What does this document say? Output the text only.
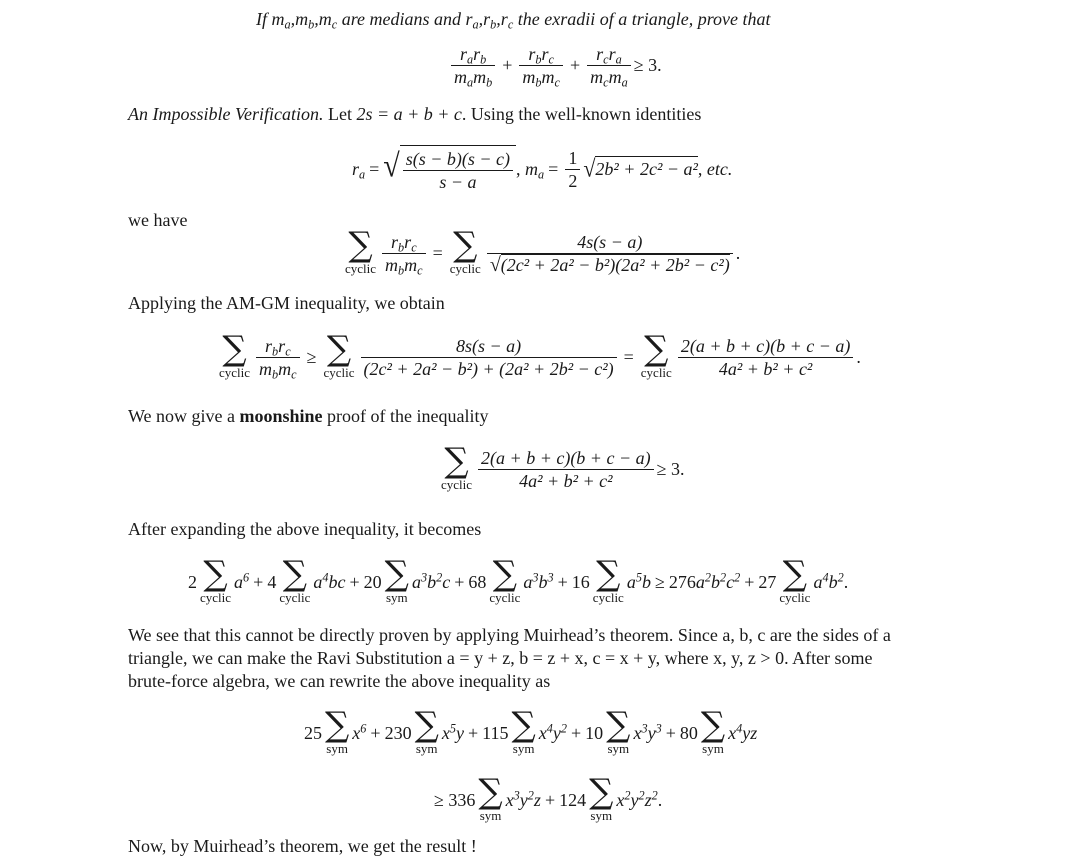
If $m_a,m_b,m_c$ are medians and $r_a,r_b,r_c$ the exradii of a triangle, prove that
$\frac{r_ar_b}{m_am_b} + \frac{r_br_c}{m_bm_c} + \frac{r_cr_a}{m_cm_a} \ge 3$.
An Impossible Verification. Let 2s = a + b + c. Using the well-known identities
$r_a$ = √ $\frac{s(s - b)(s - c)}{s - a}$ , $m_a = \frac{1}{2}$ √ 2b² + 2c² − a² , etc.
we have
∑
cyclic $\frac{r_br_c}{m_bm_c}$ = ∑
cyclic $\frac{4s(s - a)}{\text{√(2c² + 2a² − b²)(2a² + 2b² − c²)}}$ .
Applying the AM-GM inequality, we obtain
∑
cyclic $\frac{r_br_c}{m_bm_c}$ ≥ ∑
cyclic $\frac{8s(s - a)}{\text{(2c² + 2a² − b²) + (2a² + 2b² − c²)}}$ = ∑
cyclic $\frac{2(a + b + c)(b + c - a)}{\text{4a² + b² + c²}}$ .
We now give a moonshine proof of the inequality
∑
cyclic $\frac{2(a + b + c)(b + c - a)}{\text{4a² + b² + c²}} \ge 3$.
After expanding the above inequality, it becomes
2 ∑
cyclic
$a^6 + 4$ ∑
cyclic
$a^4bc + 20$ ∑
sym
$a^3b^2c + 68$ ∑
cyclic
$a^3b^3 + 16$ ∑
cyclic
$a^5b \ge 276$ $a^2b^2c^2 + 27$ ∑
cyclic
$a^4b^2$ .
We see that this cannot be directly proven by applying Muirhead’s theorem. Since a, b, c are the sides of a
triangle, we can make the Ravi Substitution a = y + z, b = z + x, c = x + y, where x, y, z > 0. After some
brute-force algebra, we can rewrite the above inequality as
25 ∑
sym
$x^6 + 230$ ∑
sym
$x^5y + 115$ ∑
sym
$x^4y^2 + 10$ ∑
sym
$x^3y^3 + 80$ ∑
sym
$x^4yz$
≥ 336 ∑
sym
$x^3y^2z + 124$ ∑
sym
$x^2y^2z^2$ .
Now, by Muirhead’s theorem, we get the result !
